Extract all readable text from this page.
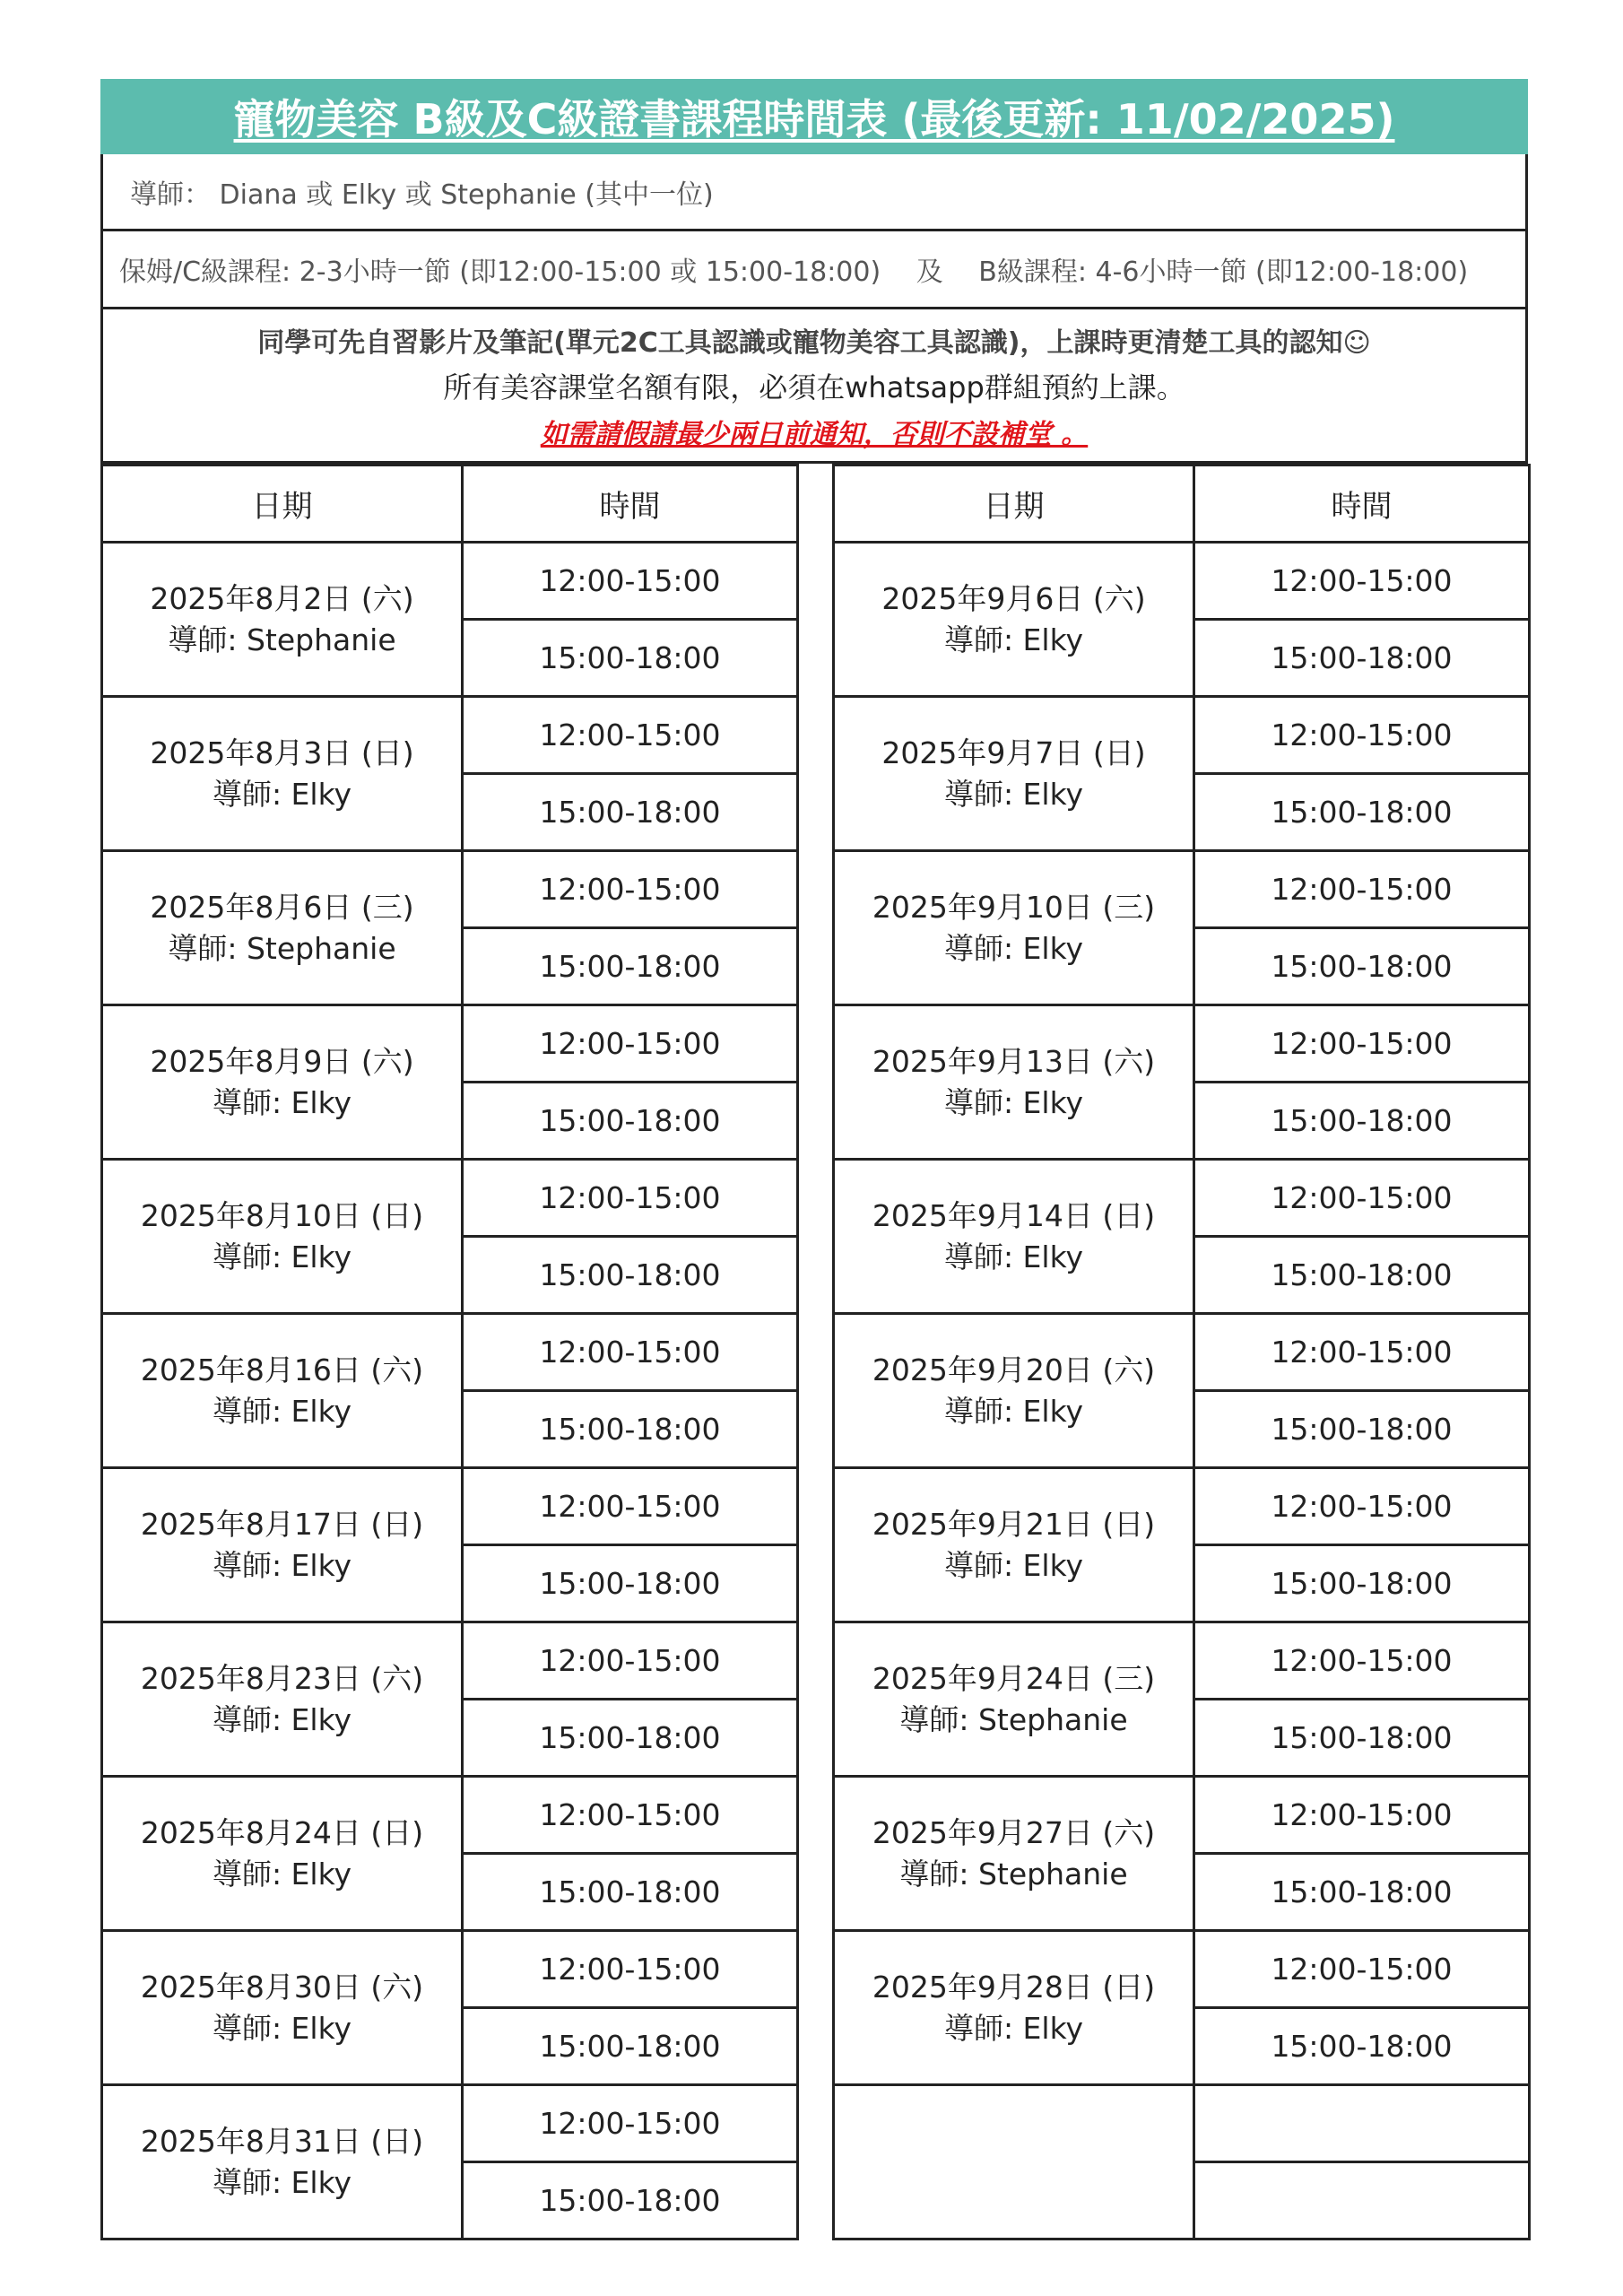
寵物美容 B級及C級證書課程時間表 (最後更新: 11/02/2025)
導師： Diana 或 Elky 或 Stephanie (其中一位)
保姆/C級課程: 2-3小時一節 (即12:00-15:00 或 15:00-18:00)　 及　 B級課程: 4-6小時一節 (即12:00-18:00)
同學可先自習影片及筆記(單元2C工具認識或寵物美容工具認識)，上課時更清楚工具的認知☺
所有美容課堂名額有限，必須在whatsapp群組預約上課。
如需請假請最少兩日前通知，否則不設補堂 。
日期	時間

2025年8月2日 (六)
導師: Stephanie	12:00-15:00
	15:00-18:00

2025年8月3日 (日)
導師: Elky	12:00-15:00
	15:00-18:00

2025年8月6日 (三)
導師: Stephanie	12:00-15:00
	15:00-18:00

2025年8月9日 (六)
導師: Elky	12:00-15:00
	15:00-18:00

2025年8月10日 (日)
導師: Elky	12:00-15:00
	15:00-18:00

2025年8月16日 (六)
導師: Elky	12:00-15:00
	15:00-18:00

2025年8月17日 (日)
導師: Elky	12:00-15:00
	15:00-18:00

2025年8月23日 (六)
導師: Elky	12:00-15:00
	15:00-18:00

2025年8月24日 (日)
導師: Elky	12:00-15:00
	15:00-18:00

2025年8月30日 (六)
導師: Elky	12:00-15:00
	15:00-18:00

2025年8月31日 (日)
導師: Elky	12:00-15:00
	15:00-18:00
日期	時間

2025年9月6日 (六)
導師: Elky	12:00-15:00
	15:00-18:00

2025年9月7日 (日)
導師: Elky	12:00-15:00
	15:00-18:00

2025年9月10日 (三)
導師: Elky	12:00-15:00
	15:00-18:00

2025年9月13日 (六)
導師: Elky	12:00-15:00
	15:00-18:00

2025年9月14日 (日)
導師: Elky	12:00-15:00
	15:00-18:00

2025年9月20日 (六)
導師: Elky	12:00-15:00
	15:00-18:00

2025年9月21日 (日)
導師: Elky	12:00-15:00
	15:00-18:00

2025年9月24日 (三)
導師: Stephanie	12:00-15:00
	15:00-18:00

2025年9月27日 (六)
導師: Stephanie	12:00-15:00
	15:00-18:00

2025年9月28日 (日)
導師: Elky	12:00-15:00
	15:00-18:00
